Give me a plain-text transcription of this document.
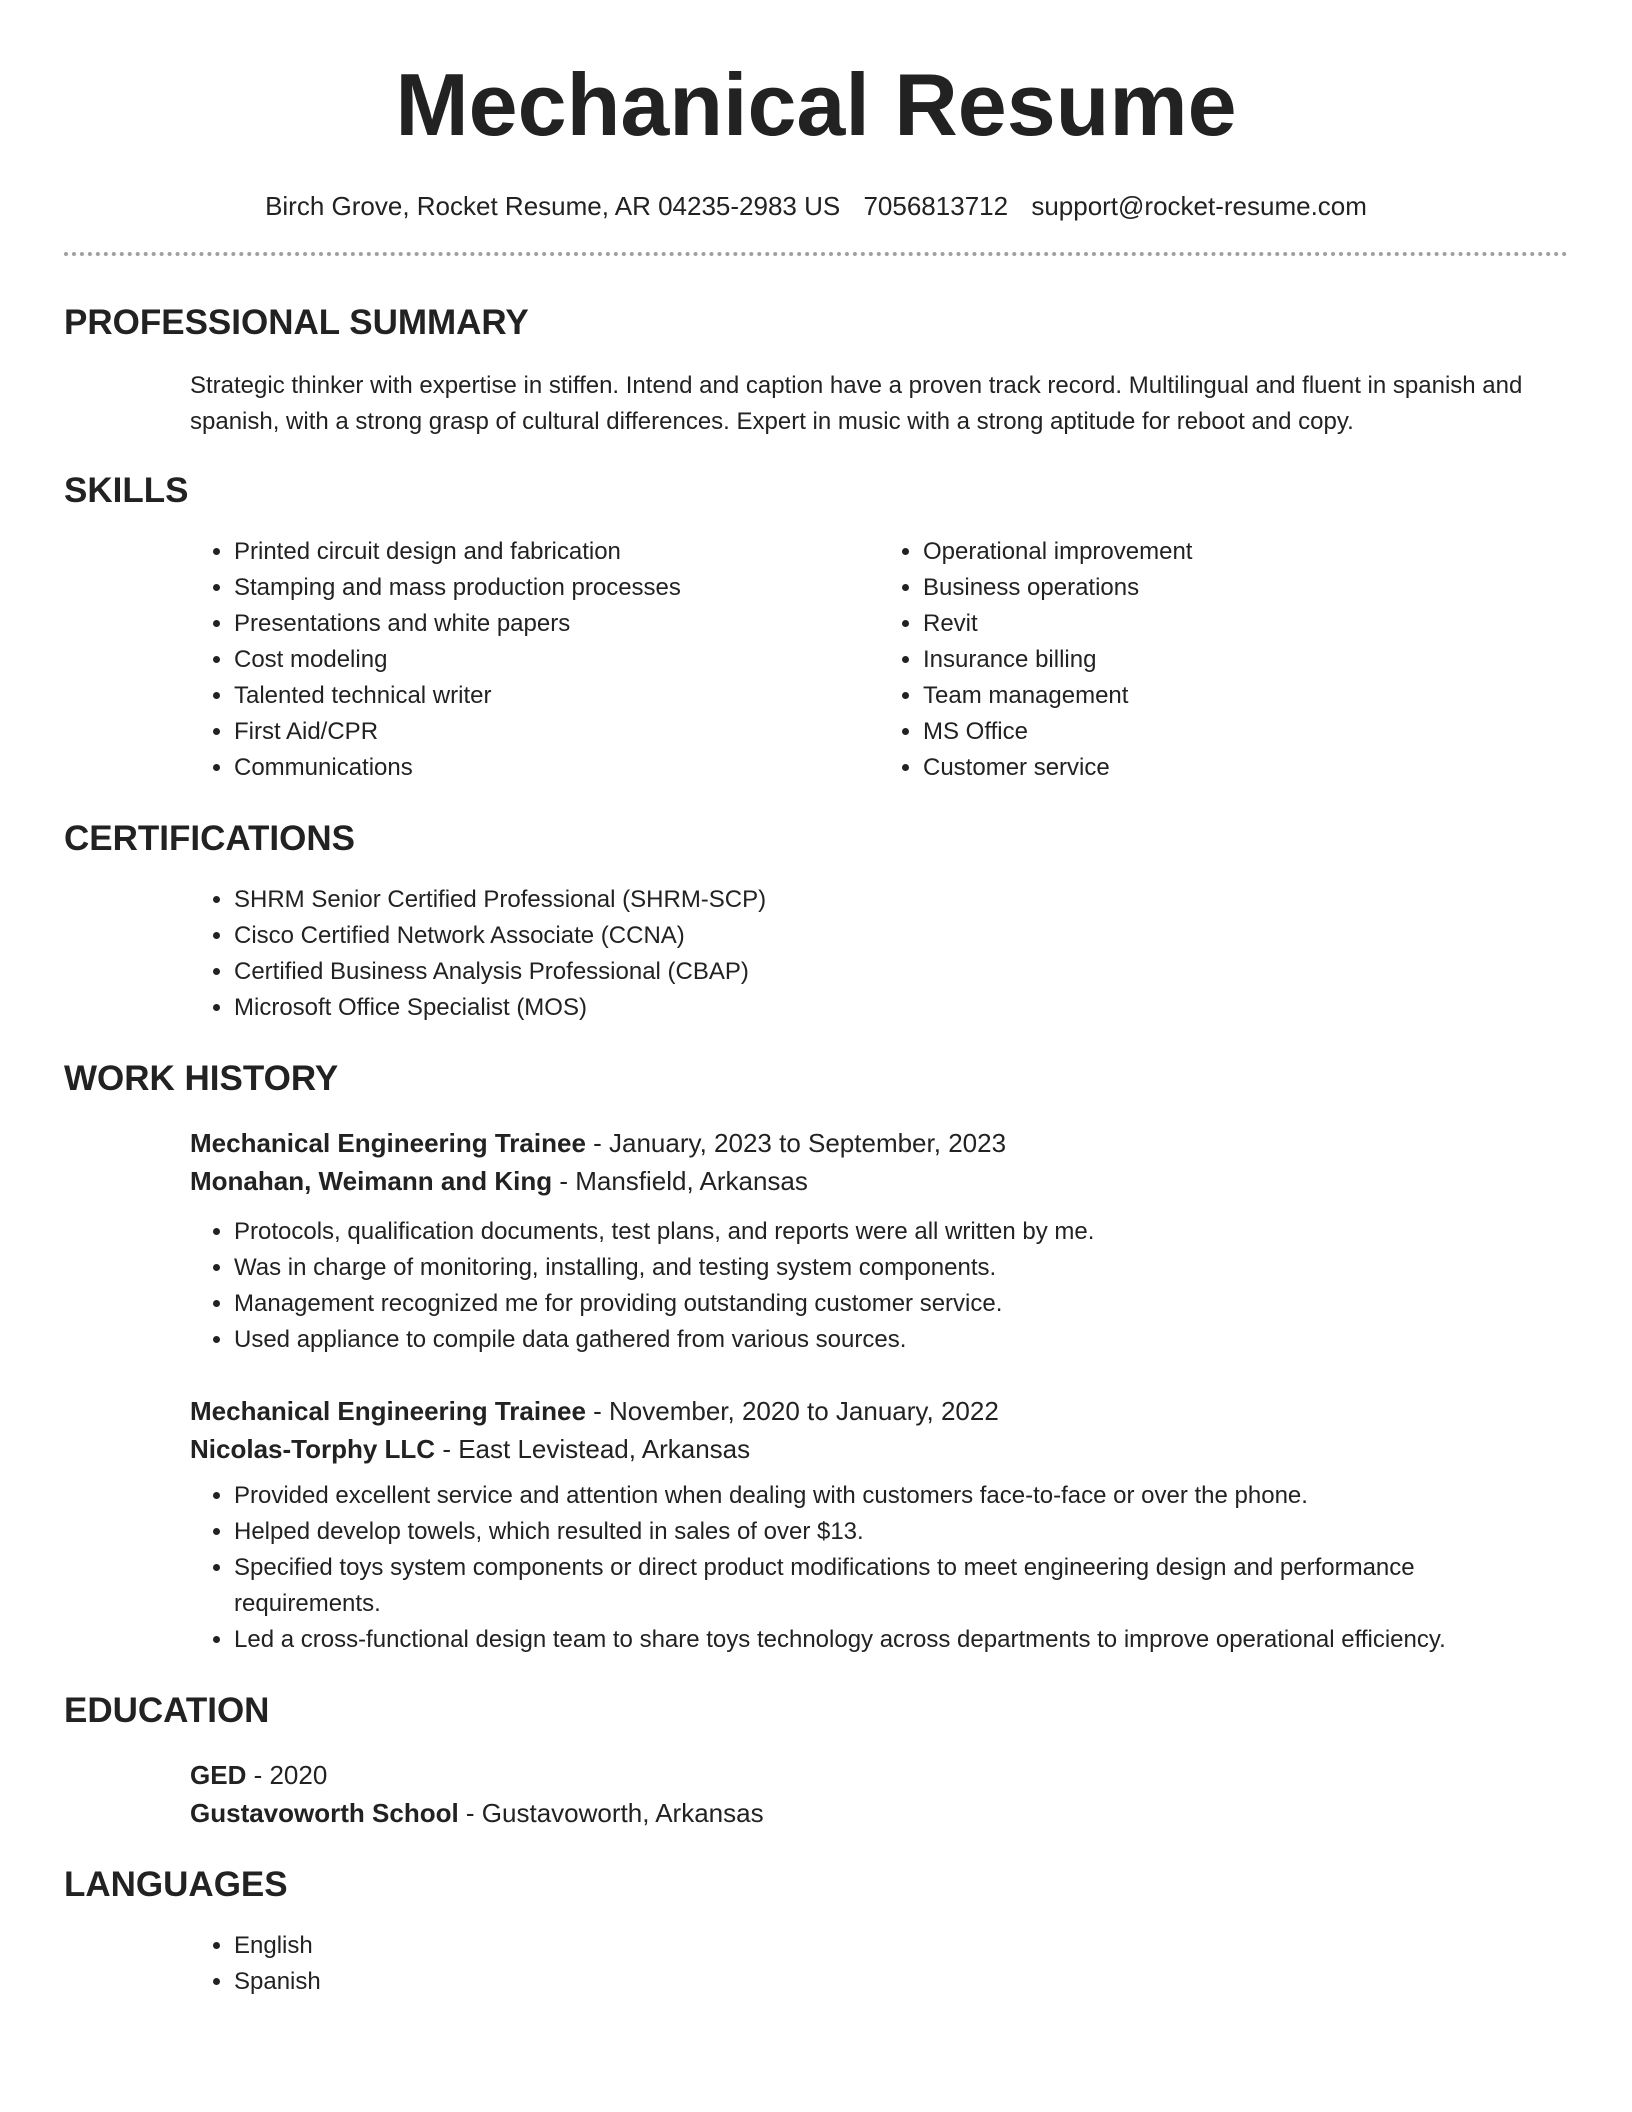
Mechanical Resume
Birch Grove, Rocket Resume, AR 04235-2983 US 7056813712 support@rocket-resume.com
PROFESSIONAL SUMMARY

Strategic thinker with expertise in stiffen. Intend and caption have a proven track record. Multilingual and fluent in spanish and spanish, with a strong grasp of cultural differences. Expert in music with a strong aptitude for reboot and copy.

SKILLS
• Printed circuit design and fabrication
• Stamping and mass production processes
• Presentations and white papers
• Cost modeling
• Talented technical writer
• First Aid/CPR
• Communications
• Operational improvement
• Business operations
• Revit
• Insurance billing
• Team management
• MS Office
• Customer service
CERTIFICATIONS
• SHRM Senior Certified Professional (SHRM-SCP)
• Cisco Certified Network Associate (CCNA)
• Certified Business Analysis Professional (CBAP)
• Microsoft Office Specialist (MOS)
WORK HISTORY
Mechanical Engineering Trainee - January, 2023 to September, 2023
Monahan, Weimann and King - Mansfield, Arkansas
• Protocols, qualification documents, test plans, and reports were all written by me.
• Was in charge of monitoring, installing, and testing system components.
• Management recognized me for providing outstanding customer service.
• Used appliance to compile data gathered from various sources.
Mechanical Engineering Trainee - November, 2020 to January, 2022
Nicolas-Torphy LLC - East Levistead, Arkansas
• Provided excellent service and attention when dealing with customers face-to-face or over the phone.
• Helped develop towels, which resulted in sales of over $13.
• Specified toys system components or direct product modifications to meet engineering design and performance requirements.
• Led a cross-functional design team to share toys technology across departments to improve operational efficiency.
EDUCATION
GED - 2020
Gustavoworth School - Gustavoworth, Arkansas
LANGUAGES
• English
• Spanish
